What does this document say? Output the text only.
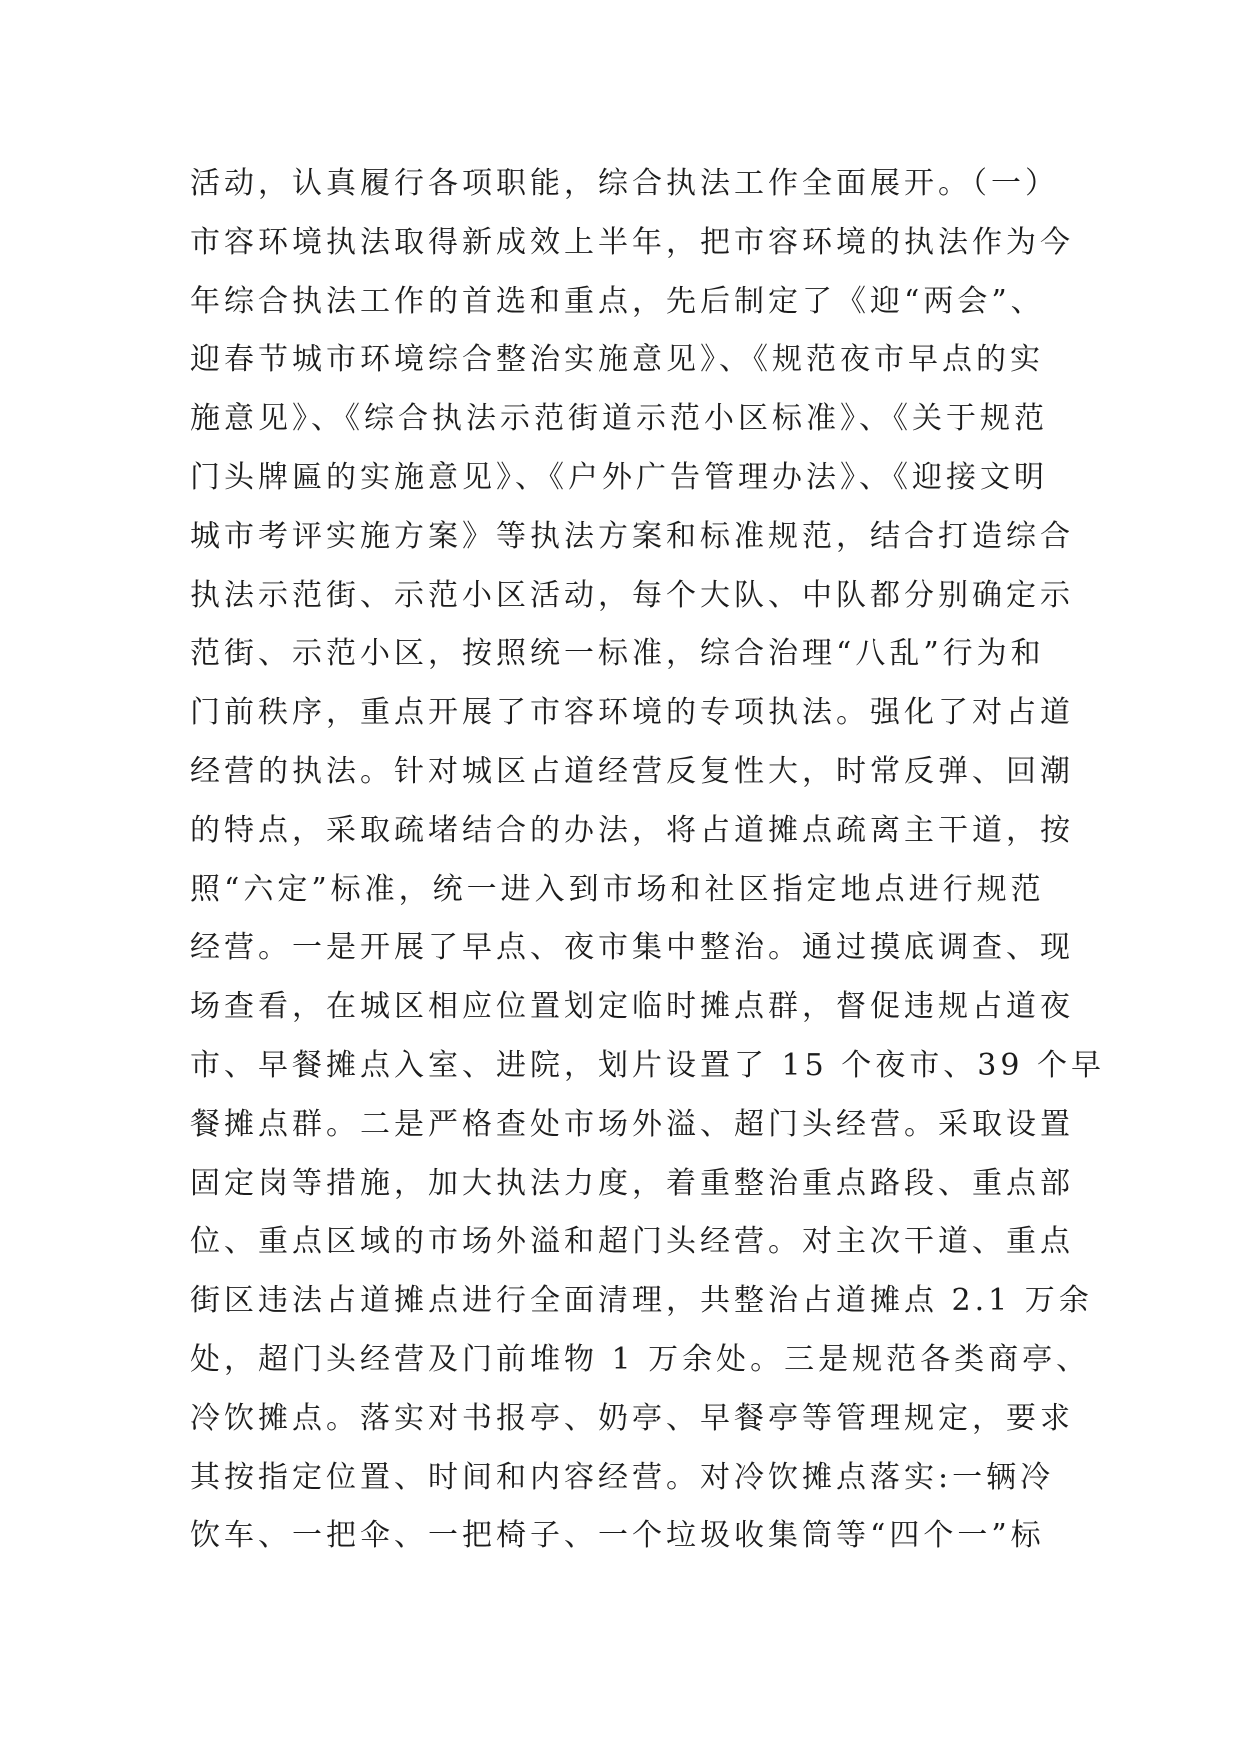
活动，认真履行各项职能，综合执法工作全面展开。（一）
市容环境执法取得新成效上半年，把市容环境的执法作为今
年综合执法工作的首选和重点，先后制定了《迎“两会”、
迎春节城市环境综合整治实施意见》、《规范夜市早点的实
施意见》、《综合执法示范街道示范小区标准》、《关于规范
门头牌匾的实施意见》、《户外广告管理办法》、《迎接文明
城市考评实施方案》等执法方案和标准规范，结合打造综合
执法示范街、示范小区活动，每个大队、中队都分别确定示
范街、示范小区，按照统一标准，综合治理“八乱”行为和
门前秩序，重点开展了市容环境的专项执法。强化了对占道
经营的执法。针对城区占道经营反复性大，时常反弹、回潮
的特点，采取疏堵结合的办法，将占道摊点疏离主干道，按
照“六定”标准，统一进入到市场和社区指定地点进行规范
经营。一是开展了早点、夜市集中整治。通过摸底调查、现
场查看，在城区相应位置划定临时摊点群，督促违规占道夜
市、早餐摊点入室、进院，划片设置了 15 个夜市、39 个早
餐摊点群。二是严格查处市场外溢、超门头经营。采取设置
固定岗等措施，加大执法力度，着重整治重点路段、重点部
位、重点区域的市场外溢和超门头经营。对主次干道、重点
街区违法占道摊点进行全面清理，共整治占道摊点 2.1 万余
处，超门头经营及门前堆物 1 万余处。三是规范各类商亭、
冷饮摊点。落实对书报亭、奶亭、早餐亭等管理规定，要求
其按指定位置、时间和内容经营。对冷饮摊点落实:一辆冷
饮车、一把伞、一把椅子、一个垃圾收集筒等“四个一”标
